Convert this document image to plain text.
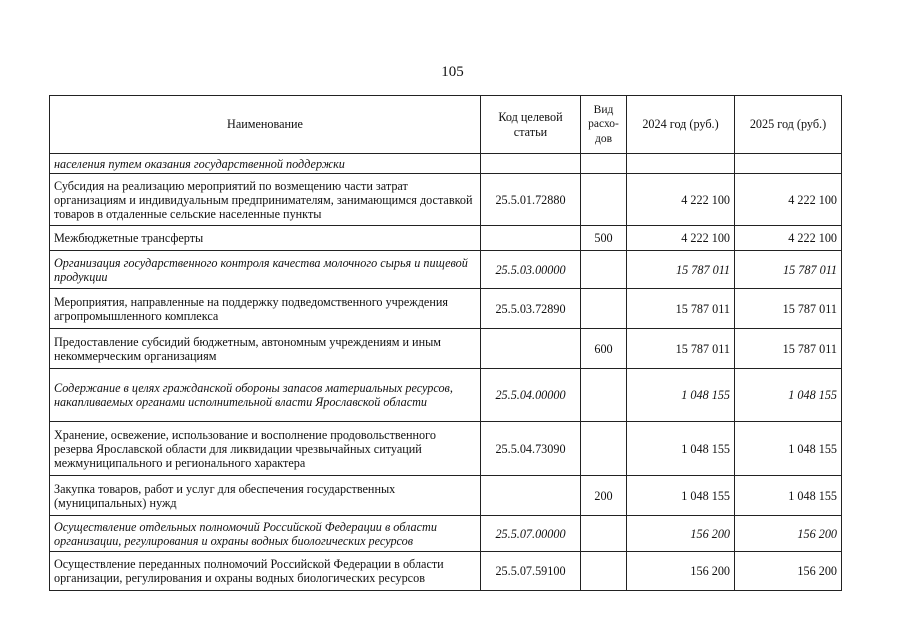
105
Наименование	Код целевой статьи	Вид расхо-дов	2024 год (руб.)	2025 год (руб.)
населения путем оказания государственной поддержки				
Субсидия на реализацию мероприятий по возмещению части затрат организациям и индивидуальным предпринимателям, занимающимся доставкой товаров в отдаленные сельские населенные пункты	25.5.01.72880		4 222 100	4 222 100
Межбюджетные трансферты		500	4 222 100	4 222 100
Организация государственного контроля качества молочного сырья и пищевой продукции	25.5.03.00000		15 787 011	15 787 011
Мероприятия, направленные на поддержку подведомственного учреждения агропромышленного комплекса	25.5.03.72890		15 787 011	15 787 011
Предоставление субсидий бюджетным, автономным учреждениям и иным некоммерческим организациям		600	15 787 011	15 787 011
Содержание в целях гражданской обороны запасов материальных ресурсов, накапливаемых органами исполнительной власти Ярославской области	25.5.04.00000		1 048 155	1 048 155
Хранение, освежение, использование и восполнение продовольственного резерва Ярославской области для ликвидации чрезвычайных ситуаций межмуниципального и регионального характера	25.5.04.73090		1 048 155	1 048 155
Закупка товаров, работ и услуг для обеспечения государственных (муниципальных) нужд		200	1 048 155	1 048 155
Осуществление отдельных полномочий Российской Федерации в области организации, регулирования и охраны водных биологических ресурсов	25.5.07.00000		156 200	156 200
Осуществление переданных полномочий Российской Федерации в области организации, регулирования и охраны водных биологических ресурсов	25.5.07.59100		156 200	156 200
